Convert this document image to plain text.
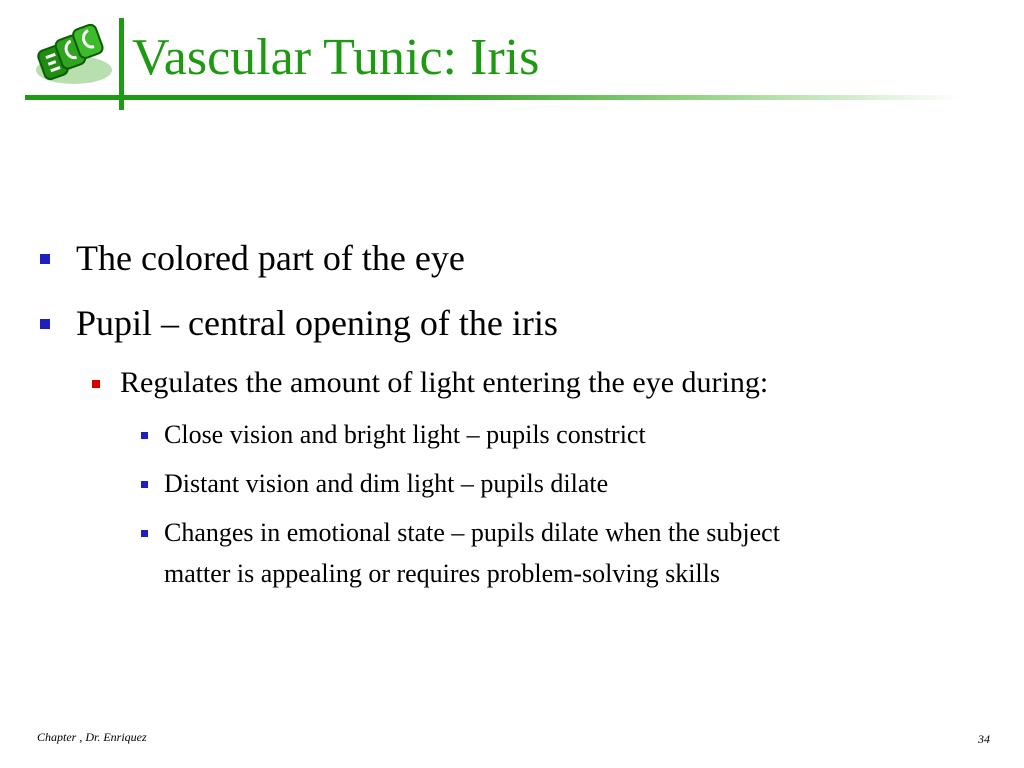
Vascular Tunic: Iris
The colored part of the eye
Pupil – central opening of the iris
Regulates the amount of light entering the eye during:
Close vision and bright light – pupils constrict
Distant vision and dim light – pupils dilate
Changes in emotional state – pupils dilate when the subject
matter is appealing or requires problem-solving skills
Chapter , Dr. Enriquez	34
